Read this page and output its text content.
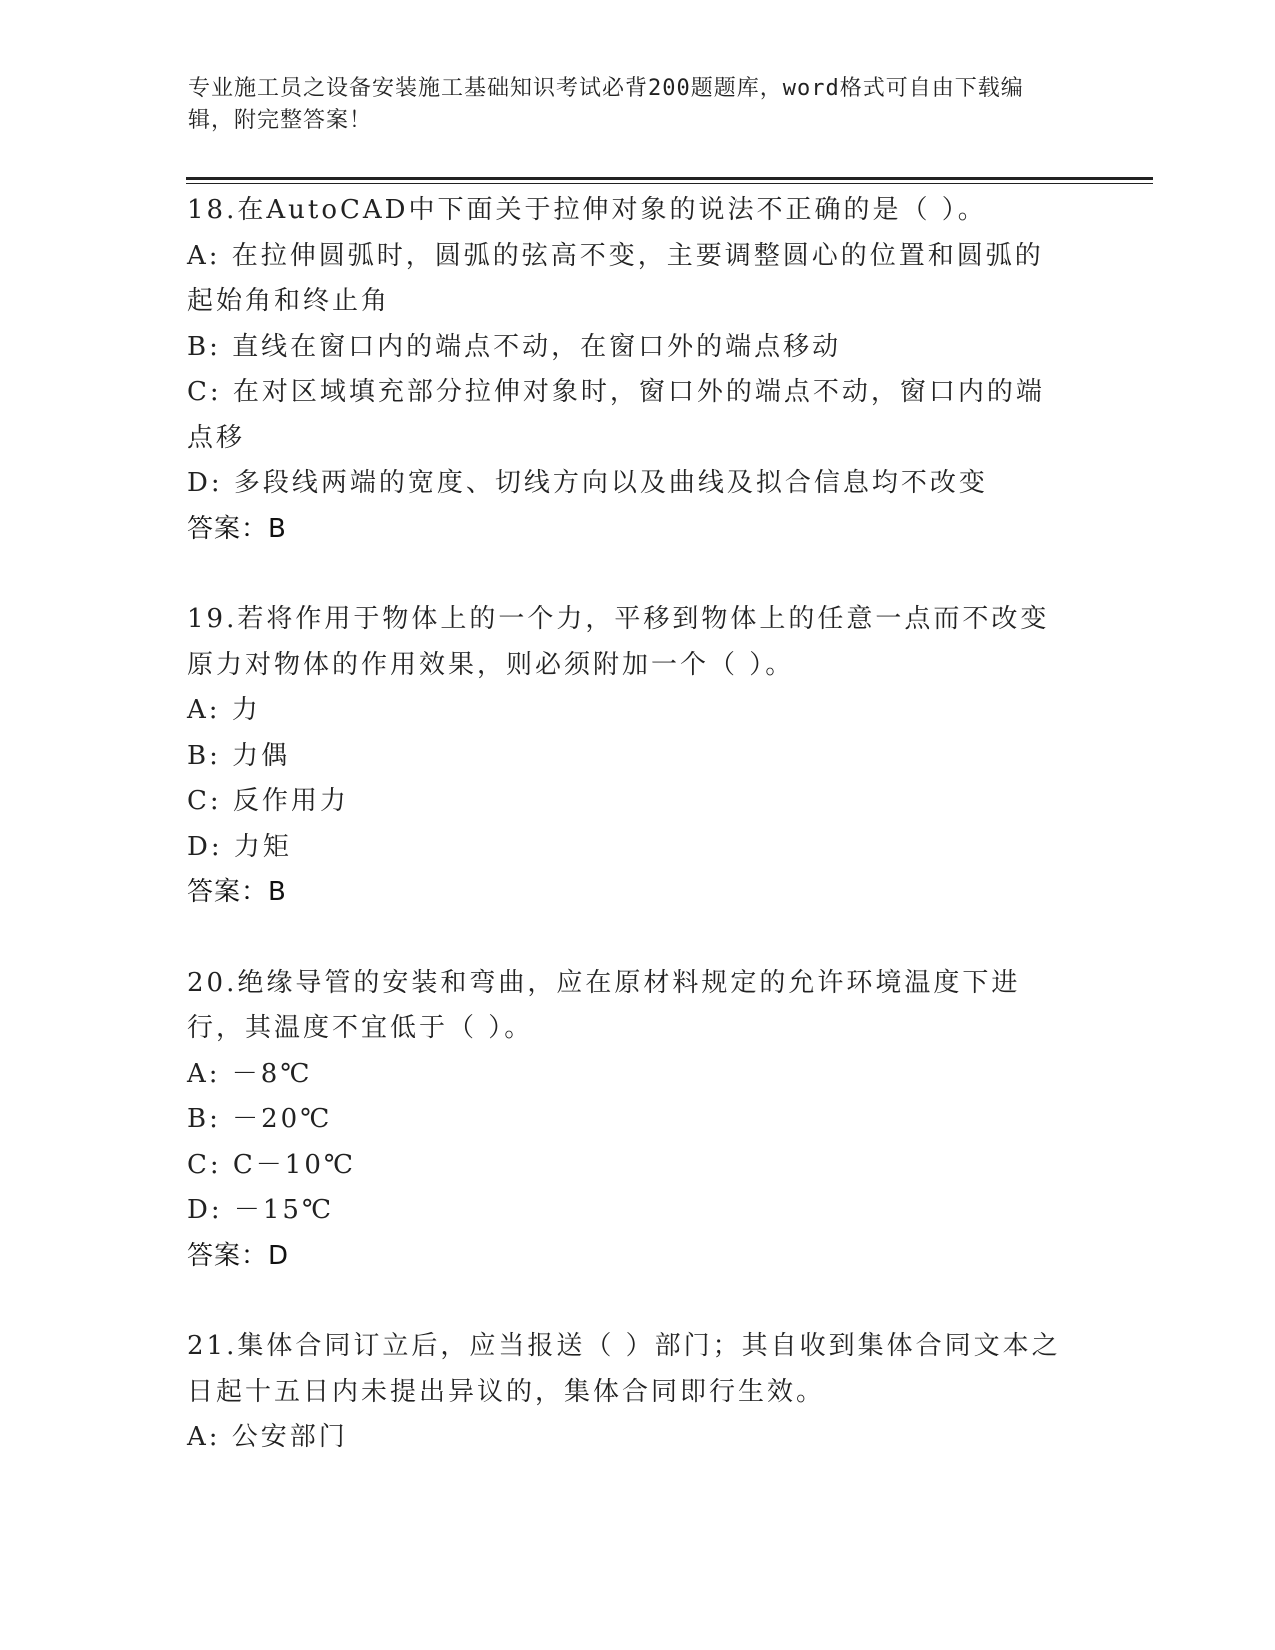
专业施工员之设备安装施工基础知识考试必背200题题库，word格式可自由下载编辑，附完整答案！
18.在AutoCAD中下面关于拉伸对象的说法不正确的是（ ）。
A: 在拉伸圆弧时，圆弧的弦高不变，主要调整圆心的位置和圆弧的起始角和终止角
B: 直线在窗口内的端点不动，在窗口外的端点移动
C: 在对区域填充部分拉伸对象时，窗口外的端点不动，窗口内的端点移
D: 多段线两端的宽度、切线方向以及曲线及拟合信息均不改变
答案：B
19.若将作用于物体上的一个力，平移到物体上的任意一点而不改变原力对物体的作用效果，则必须附加一个（ ）。
A: 力
B: 力偶
C: 反作用力
D: 力矩
答案：B
20.绝缘导管的安装和弯曲，应在原材料规定的允许环境温度下进行，其温度不宜低于（ ）。
A: －8℃
B: －20℃
C: C－10℃
D: －15℃
答案：D
21.集体合同订立后，应当报送（ ）部门；其自收到集体合同文本之日起十五日内未提出异议的，集体合同即行生效。
A: 公安部门
